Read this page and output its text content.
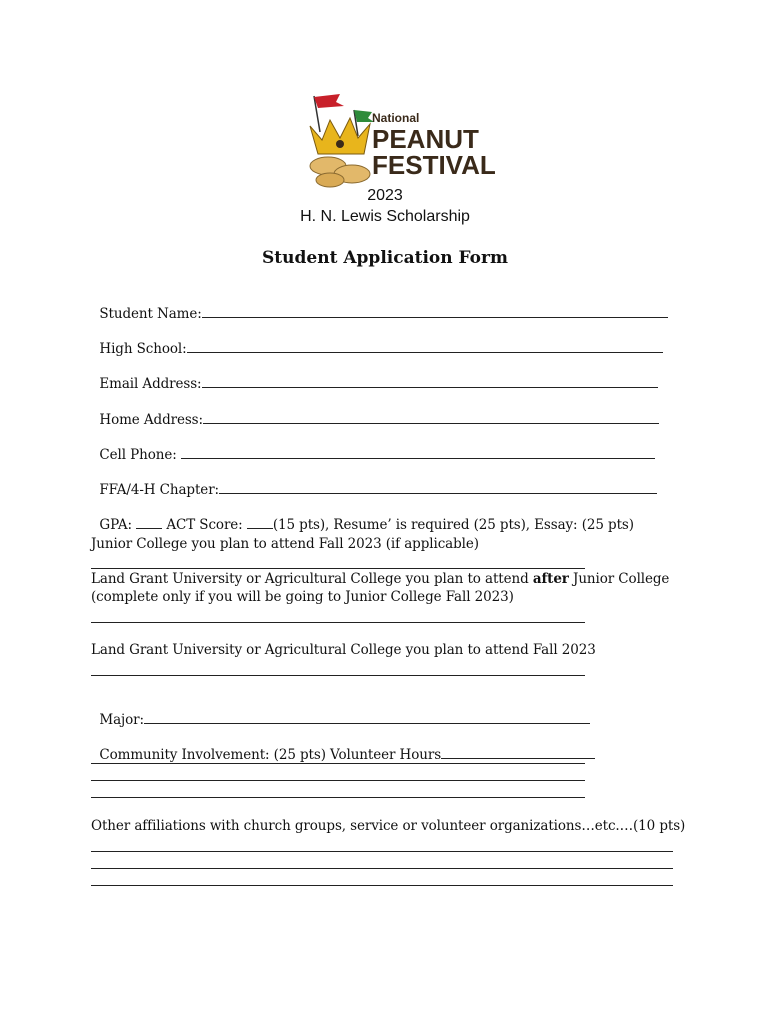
National
PEANUT
FESTIVAL
2023
H. N. Lewis Scholarship
Student Application Form

Student Name:

High School:

Email Address:

Home Address:

Cell Phone:

FFA/4-H Chapter:

GPA:	ACT Score: (15 pts), Resume’ is required (25 pts), Essay: (25 pts)

Junior College you plan to attend Fall 2023 (if applicable)
Land Grant University or Agricultural College you plan to attend after Junior College
(complete only if you will be going to Junior College Fall 2023)
Land Grant University or Agricultural College you plan to attend Fall 2023

Major:

Community Involvement: (25 pts) Volunteer Hours

Other affiliations with church groups, service or volunteer organizations…etc.…(10 pts)
